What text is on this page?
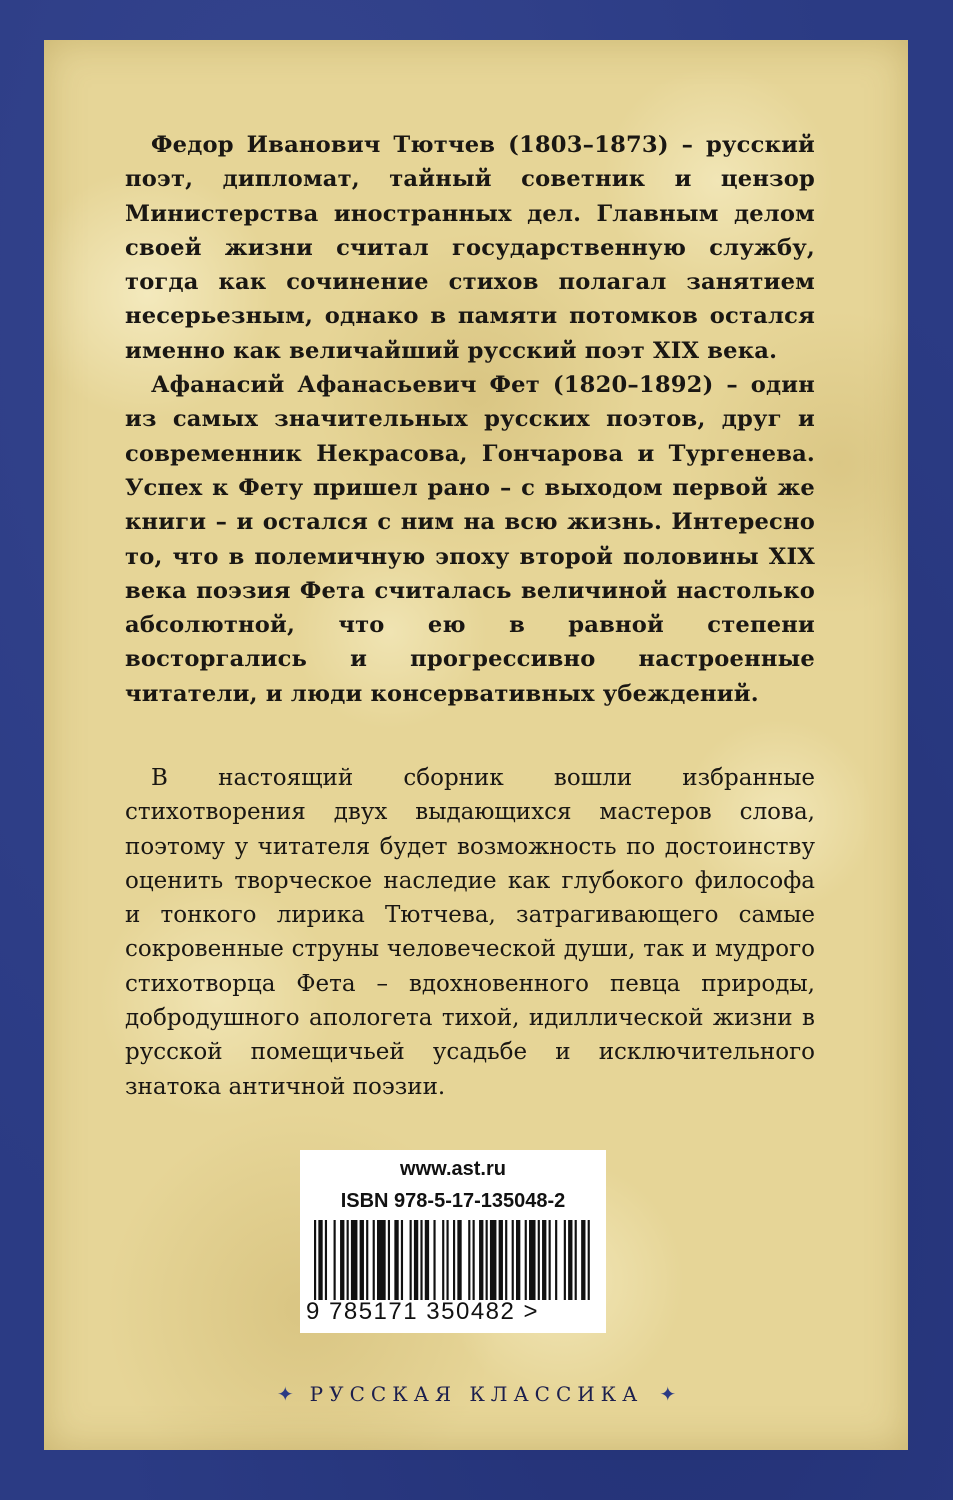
Федор Иванович Тютчев (1803–1873) – русский поэт, дипломат, тайный советник и цензор Министерства иностранных дел. Главным делом своей жизни считал государственную службу, тогда как сочинение стихов полагал занятием несерьезным, однако в памяти потомков остался именно как величайший русский поэт XIX века.

Афанасий Афанасьевич Фет (1820–1892) – один из самых значительных русских поэтов, друг и современник Некрасова, Гончарова и Тургенева. Успех к Фету пришел рано – с выходом первой же книги – и остался с ним на всю жизнь. Интересно то, что в полемичную эпоху второй половины XIX века поэзия Фета считалась величиной настолько абсолютной, что ею в равной степени восторгались и прогрессивно настроенные читатели, и люди консервативных убеждений.

В настоящий сборник вошли избранные стихотворения двух выдающихся мастеров слова, поэтому у читателя будет возможность по достоинству оценить творческое наследие как глубокого философа и тонкого лирика Тютчева, затрагивающего самые сокровенные струны человеческой души, так и мудрого стихотворца Фета – вдохновенного певца природы, добродушного апологета тихой, идиллической жизни в русской помещичьей усадьбе и исключительного знатока античной поэзии.

www.ast.ru
ISBN 978-5-17-135048-2
9 785171 350482 >
✦ РУССКАЯ КЛАССИКА ✦
